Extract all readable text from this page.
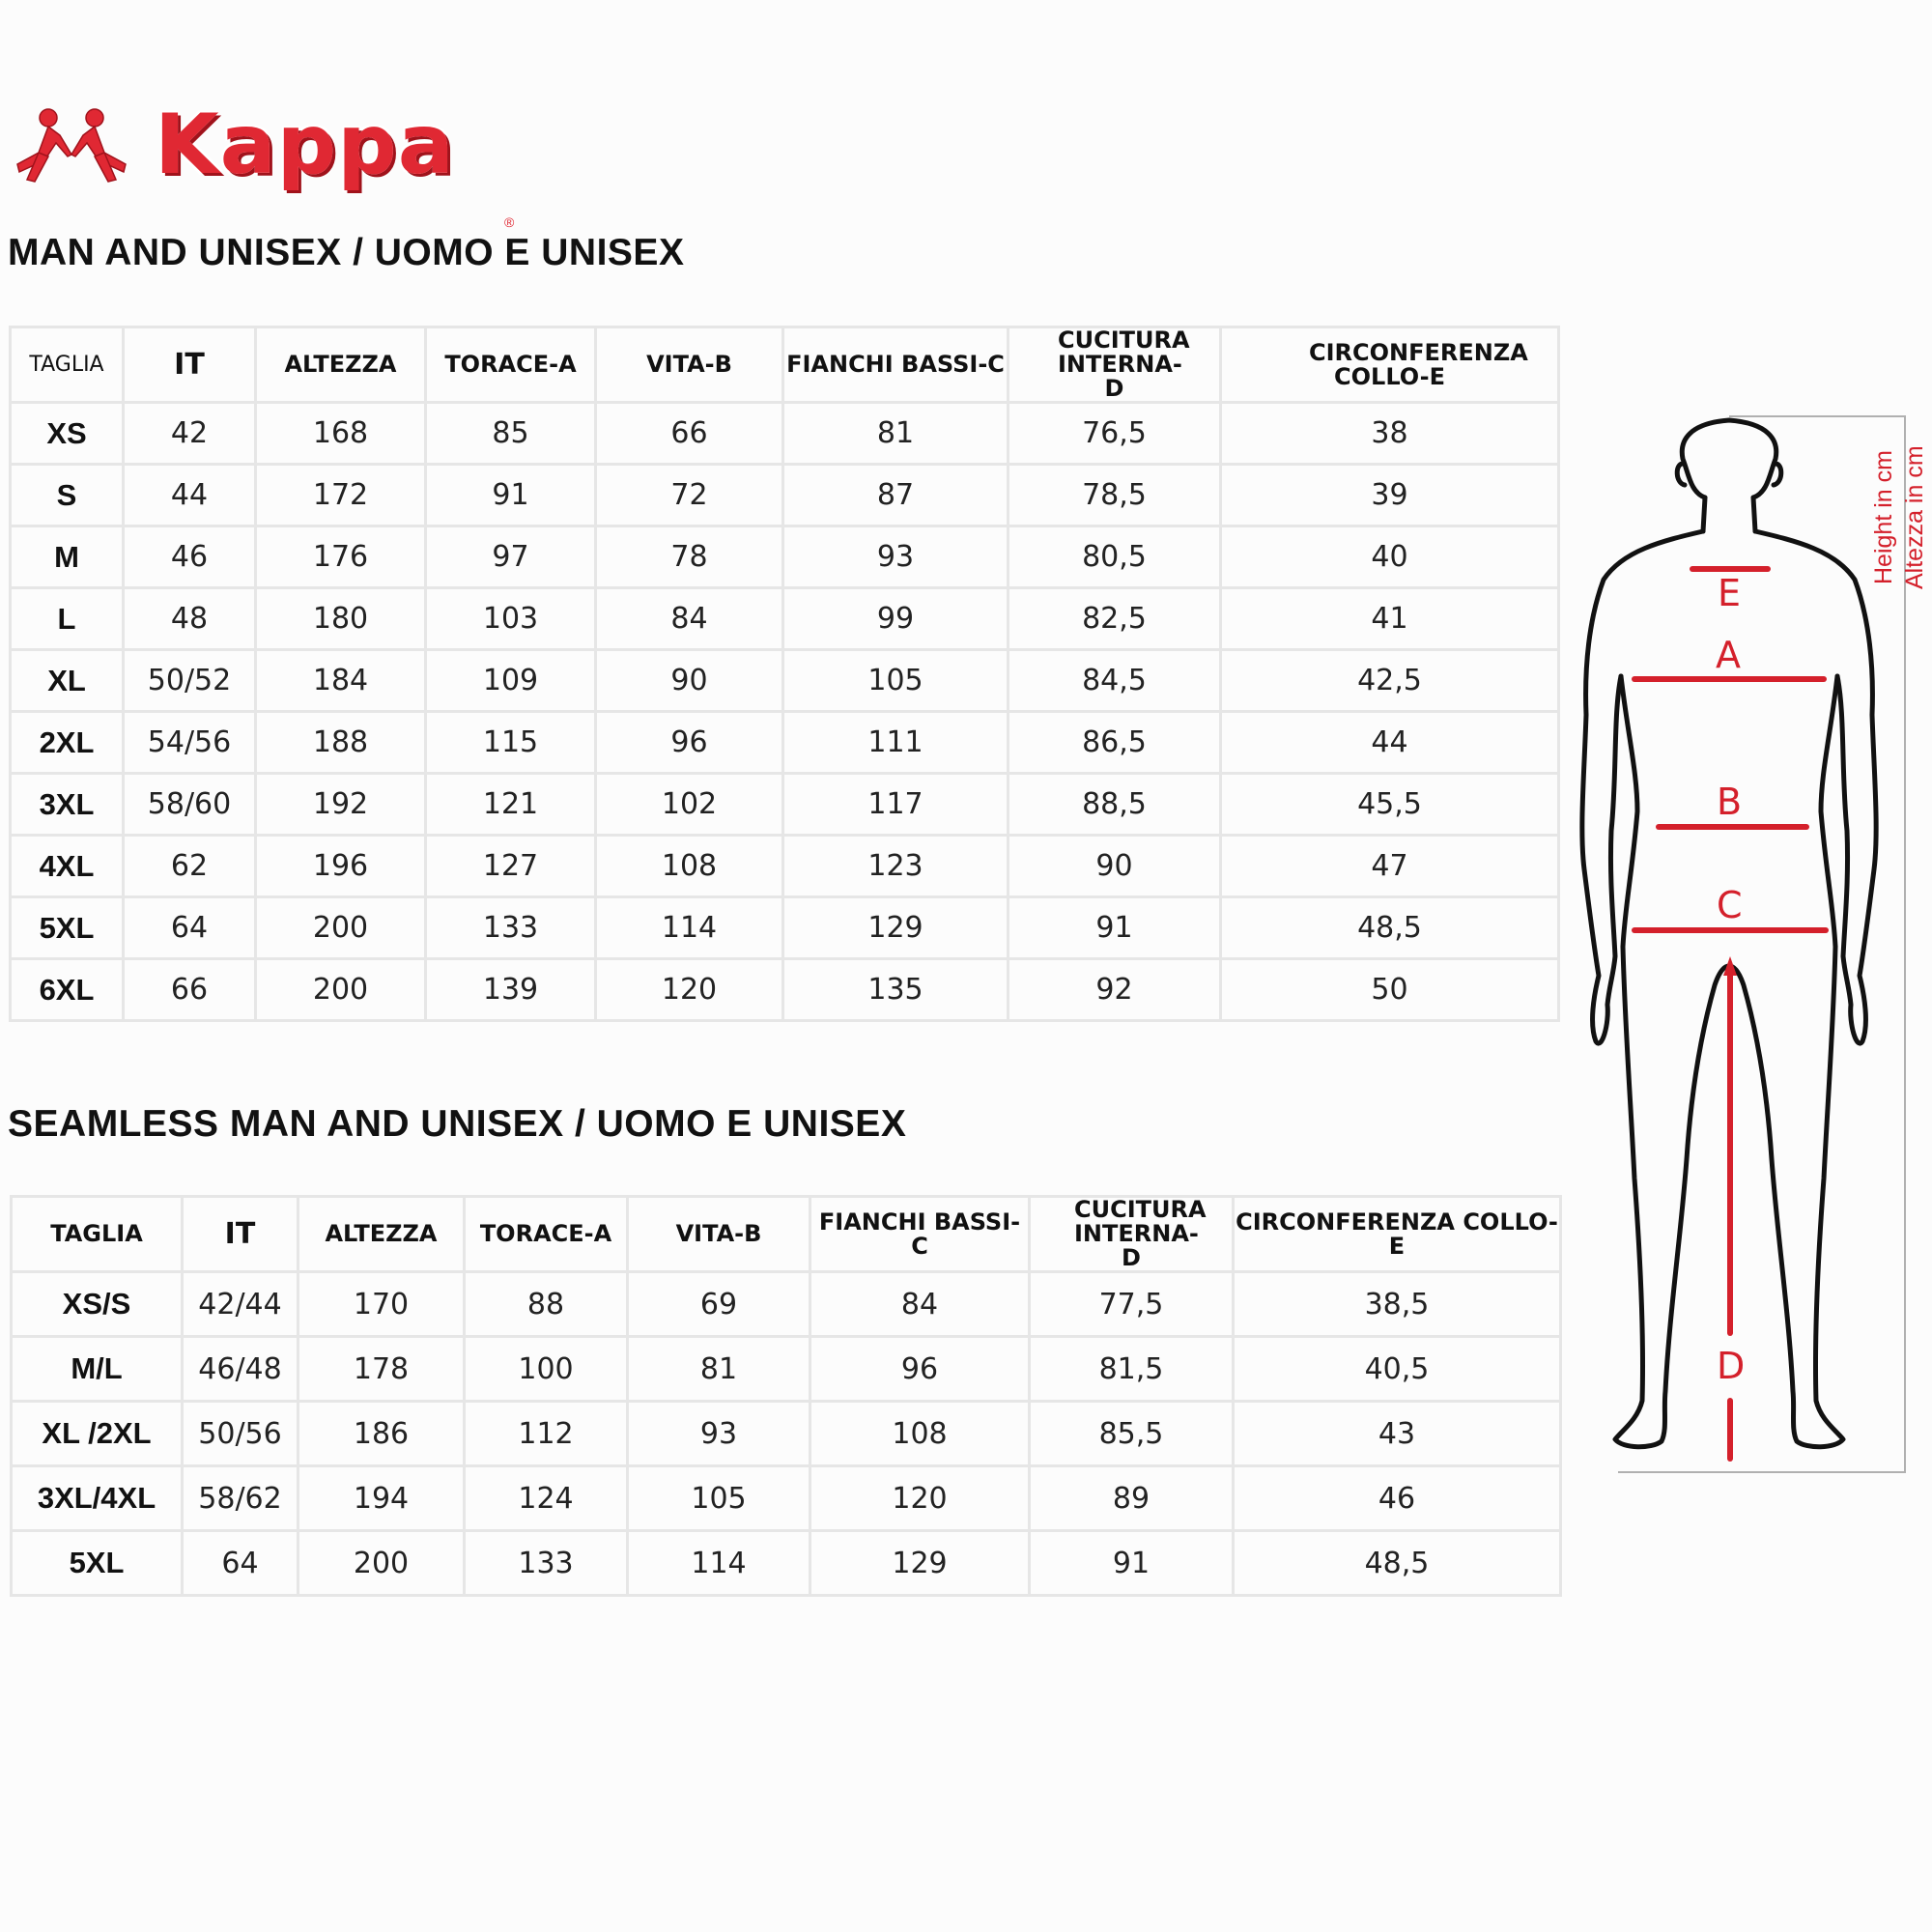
Kappa
®
MAN AND UNISEX / UOMO E UNISEX
TAGLIA	IT	ALTEZZA	TORACE-A	VITA-B	FIANCHI BASSI-C	CUCITURA INTERNA-D	CIRCONFERENZA COLLO-E
XS	42	168	85	66	81	76,5	38
S	44	172	91	72	87	78,5	39
M	46	176	97	78	93	80,5	40
L	48	180	103	84	99	82,5	41
XL	50/52	184	109	90	105	84,5	42,5
2XL	54/56	188	115	96	111	86,5	44
3XL	58/60	192	121	102	117	88,5	45,5
4XL	62	196	127	108	123	90	47
5XL	64	200	133	114	129	91	48,5
6XL	66	200	139	120	135	92	50
SEAMLESS MAN AND UNISEX / UOMO E UNISEX
TAGLIA	IT	ALTEZZA	TORACE-A	VITA-B	FIANCHI BASSI-C	CUCITURA INTERNA-D	CIRCONFERENZA COLLO-E
XS/S	42/44	170	88	69	84	77,5	38,5
M/L	46/48	178	100	81	96	81,5	40,5
XL /2XL	50/56	186	112	93	108	85,5	43
3XL/4XL	58/62	194	124	105	120	89	46
5XL	64	200	133	114	129	91	48,5
E
A
B
C
D
Height in cm Altezza in cm
